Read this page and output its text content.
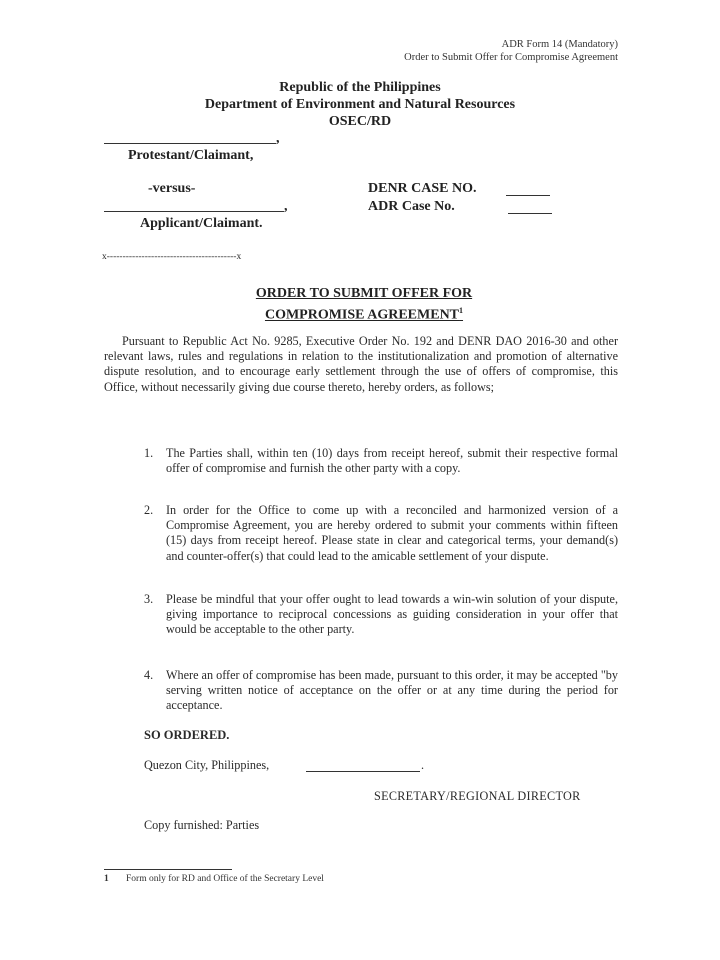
ADR Form 14 (Mandatory)
Order to Submit Offer for Compromise Agreement
Republic of the Philippines
Department of Environment and Natural Resources
OSEC/RD
,
Protestant/Claimant,
-versus-
,
Applicant/Claimant.
DENR CASE NO.
ADR Case No.
x-----------------------------------------x
ORDER TO SUBMIT OFFER FOR
COMPROMISE AGREEMENT$^1$
Pursuant to Republic Act No. 9285, Executive Order No. 192 and DENR DAO 2016-30 and other relevant laws, rules and regulations in relation to the institutionalization and promotion of alternative dispute resolution, and to encourage early settlement through the use of offers of compromise, this Office, without necessarily giving due course thereto, hereby orders, as follows;
1. The Parties shall, within ten (10) days from receipt hereof, submit their respective formal offer of compromise and furnish the other party with a copy.
2. In order for the Office to come up with a reconciled and harmonized version of a Compromise Agreement, you are hereby ordered to submit your comments within fifteen (15) days from receipt hereof. Please state in clear and categorical terms, your demand(s) and counter-offer(s) that could lead to the amicable settlement of your dispute.
3. Please be mindful that your offer ought to lead towards a win-win solution of your dispute, giving importance to reciprocal concessions as guiding consideration in your offer that would be acceptable to the other party.
4. Where an offer of compromise has been made, pursuant to this order, it may be accepted "by serving written notice of acceptance on the offer or at any time during the period for acceptance.
SO ORDERED.
Quezon City, Philippines,	.
SECRETARY/REGIONAL DIRECTOR
Copy furnished: Parties
1 Form only for RD and Office of the Secretary Level
